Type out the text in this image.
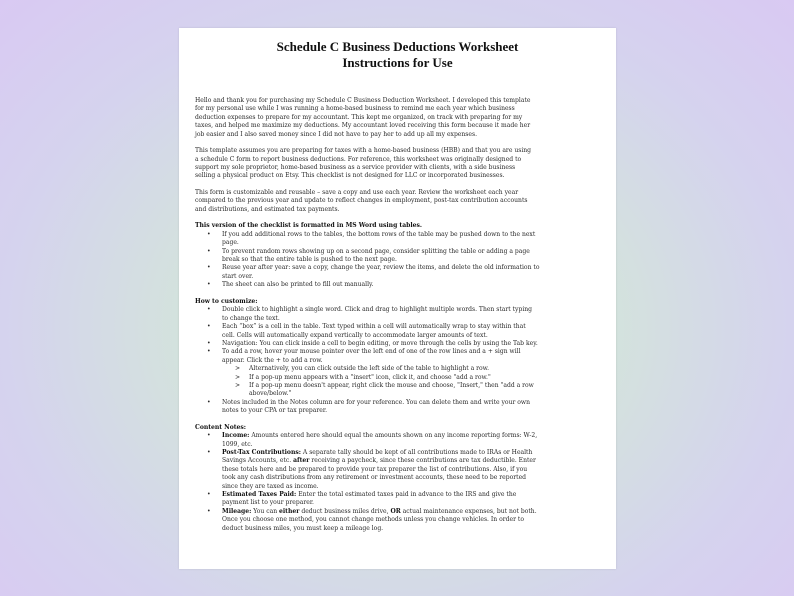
Schedule C Business Deductions Worksheet
Instructions for Use

Hello and thank you for purchasing my Schedule C Business Deduction Worksheet. I developed this template
for my personal use while I was running a home-based business to remind me each year which business
deduction expenses to prepare for my accountant. This kept me organized, on track with preparing for my
taxes, and helped me maximize my deductions. My accountant loved receiving this form because it made her
job easier and I also saved money since I did not have to pay her to add up all my expenses.

This template assumes you are preparing for taxes with a home-based business (HBB) and that you are using
a schedule C form to report business deductions. For reference, this worksheet was originally designed to
support my sole proprietor, home-based business as a service provider with clients, with a side business
selling a physical product on Etsy. This checklist is not designed for LLC or incorporated businesses.

This form is customizable and reusable – save a copy and use each year. Review the worksheet each year
compared to the previous year and update to reflect changes in employment, post-tax contribution accounts
and distributions, and estimated tax payments.

This version of the checklist is formatted in MS Word using tables.
• If you add additional rows to the tables, the bottom rows of the table may be pushed down to the next
page.
• To prevent random rows showing up on a second page, consider splitting the table or adding a page
break so that the entire table is pushed to the next page.
• Reuse year after year: save a copy, change the year, review the items, and delete the old information to
start over.
• The sheet can also be printed to fill out manually.
How to customize:
• Double click to highlight a single word. Click and drag to highlight multiple words. Then start typing
to change the text.
• Each “box” is a cell in the table. Text typed within a cell will automatically wrap to stay within that
cell. Cells will automatically expand vertically to accommodate larger amounts of text.
• Navigation: You can click inside a cell to begin editing, or move through the cells by using the Tab key.
• To add a row, hover your mouse pointer over the left end of one of the row lines and a + sign will
appear. Click the + to add a row.
> Alternatively, you can click outside the left side of the table to highlight a row.
> If a pop-up menu appears with a "insert" icon, click it, and choose "add a row."
> If a pop-up menu doesn't appear, right click the mouse and choose, "Insert," then "add a row
above/below."
• Notes included in the Notes column are for your reference. You can delete them and write your own
notes to your CPA or tax preparer.
Content Notes:
• Income: Amounts entered here should equal the amounts shown on any income reporting forms: W-2,
1099, etc.
• Post-Tax Contributions: A separate tally should be kept of all contributions made to IRAs or Health
Savings Accounts, etc. after receiving a paycheck, since these contributions are tax deductible. Enter
these totals here and be prepared to provide your tax preparer the list of contributions. Also, if you
took any cash distributions from any retirement or investment accounts, these need to be reported
since they are taxed as income.
• Estimated Taxes Paid: Enter the total estimated taxes paid in advance to the IRS and give the
payment list to your preparer.
• Mileage: You can either deduct business miles drive, OR actual maintenance expenses, but not both.
Once you choose one method, you cannot change methods unless you change vehicles. In order to
deduct business miles, you must keep a mileage log.
